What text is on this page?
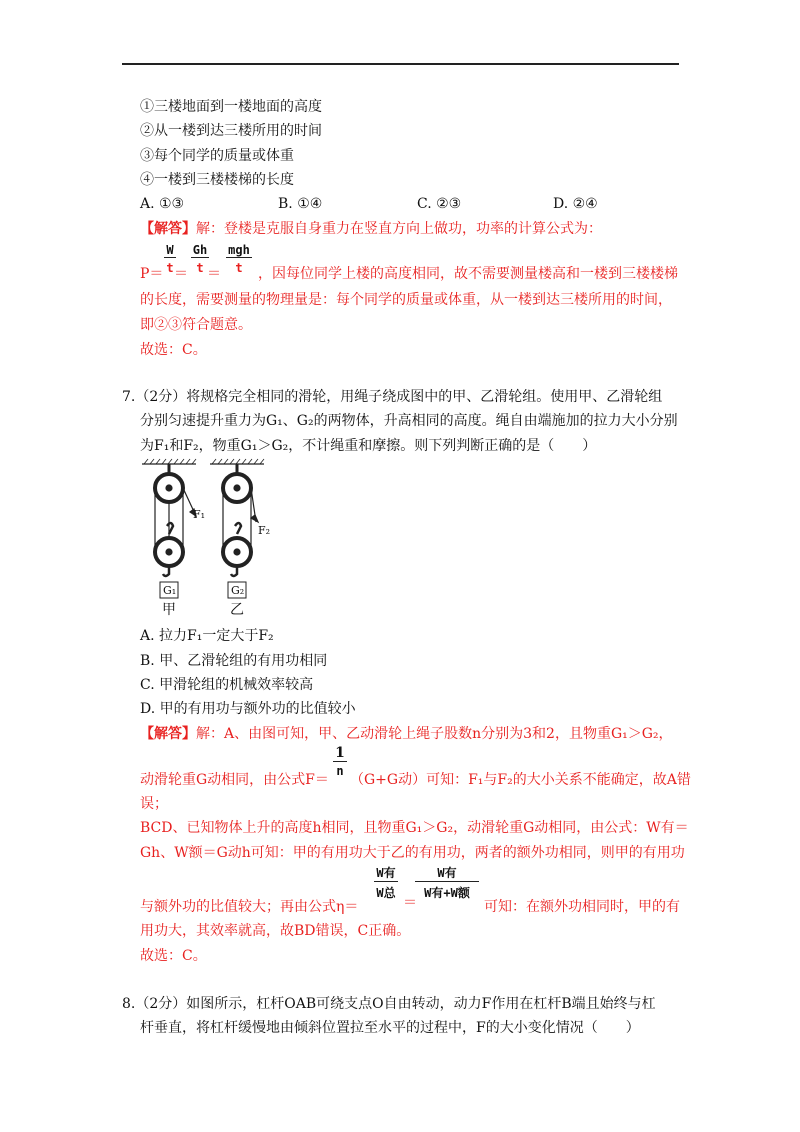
①三楼地面到一楼地面的高度
②从一楼到达三楼所用的时间
③每个同学的质量或体重
④一楼到三楼楼梯的长度
A. ①③	B. ①④	C. ②③	D. ②④
【解答】解：登楼是克服自身重力在竖直方向上做功，功率的计算公式为：
$\frac{W}{t} \frac{Gh}{t}$	mgh
t
P＝ ＝ ＝	，因每位同学上楼的高度相同，故不需要测量楼高和一楼到三楼楼梯
的长度，需要测量的物理量是：每个同学的质量或体重，从一楼到达三楼所用的时间，
即②③符合题意。
故选：C。
7.（2分）将规格完全相同的滑轮，用绳子绕成图中的甲、乙滑轮组。使用甲、乙滑轮组
分别匀速提升重力为G₁、G₂的两物体，升高相同的高度。绳自由端施加的拉力大小分别
为F₁和F₂，物重G₁＞G₂，不计绳重和摩擦。则下列判断正确的是（　　）
G₁	G₂
F₁
F₂
甲	乙
A. 拉力F₁一定大于F₂
B. 甲、乙滑轮组的有用功相同
C. 甲滑轮组的机械效率较高
D. 甲的有用功与额外功的比值较小
【解答】解：A、由图可知，甲、乙动滑轮上绳子股数n分别为3和2，且物重G₁＞G₂，
$\frac{1}{n}$
动滑轮重G动相同，由公式F＝ （G+G动）可知：F₁与F₂的大小关系不能确定，故A错
误；
BCD、已知物体上升的高度h相同，且物重G₁＞G₂，动滑轮重G动相同，由公式：W有＝
Gh、W额＝G动h可知：甲的有用功大于乙的有用功，两者的额外功相同，则甲的有用功
W有
W总
＝
W有
W有+W额
与额外功的比值较大；再由公式η＝	可知：在额外功相同时，甲的有
用功大，其效率就高，故BD错误，C正确。
故选：C。
8.（2分）如图所示，杠杆OAB可绕支点O自由转动，动力F作用在杠杆B端且始终与杠
杆垂直，将杠杆缓慢地由倾斜位置拉至水平的过程中，F的大小变化情况（　　）
